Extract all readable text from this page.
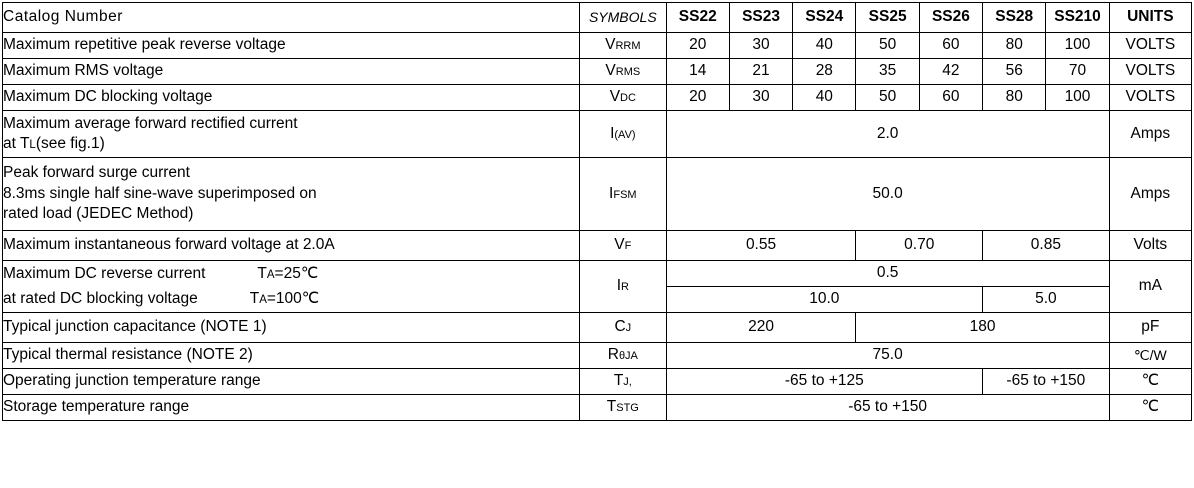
Catalog Number	SYMBOLS	SS22	SS23	SS24	SS25	SS26	SS28	SS210	UNITS
Maximum repetitive peak reverse voltage	VRRM	20	30	40	50	60	80	100	VOLTS
Maximum RMS voltage	VRMS	14	21	28	35	42	56	70	VOLTS
Maximum DC blocking voltage	VDC	20	30	40	50	60	80	100	VOLTS

Maximum average forward rectified current
at TL(see fig.1)	I(AV)	2.0							Amps

Peak forward surge current
8.3ms single half sine-wave superimposed on
rated load (JEDEC Method)	IFSM	50.0							Amps
Maximum instantaneous forward voltage at 2.0A	VF	0.55			0.70		0.85		Volts

Maximum DC reverse current TA=25℃	IR	0.5							mA

at rated DC blocking voltage TA=100℃		10.0					5.0		
Typical junction capacitance (NOTE 1)	CJ	220			180				pF
Typical thermal resistance (NOTE 2)	RθJA	75.0							℃/W
Operating junction temperature range	TJ,	-65 to +125					-65 to +150		℃
Storage temperature range	TSTG	-65 to +150							℃
